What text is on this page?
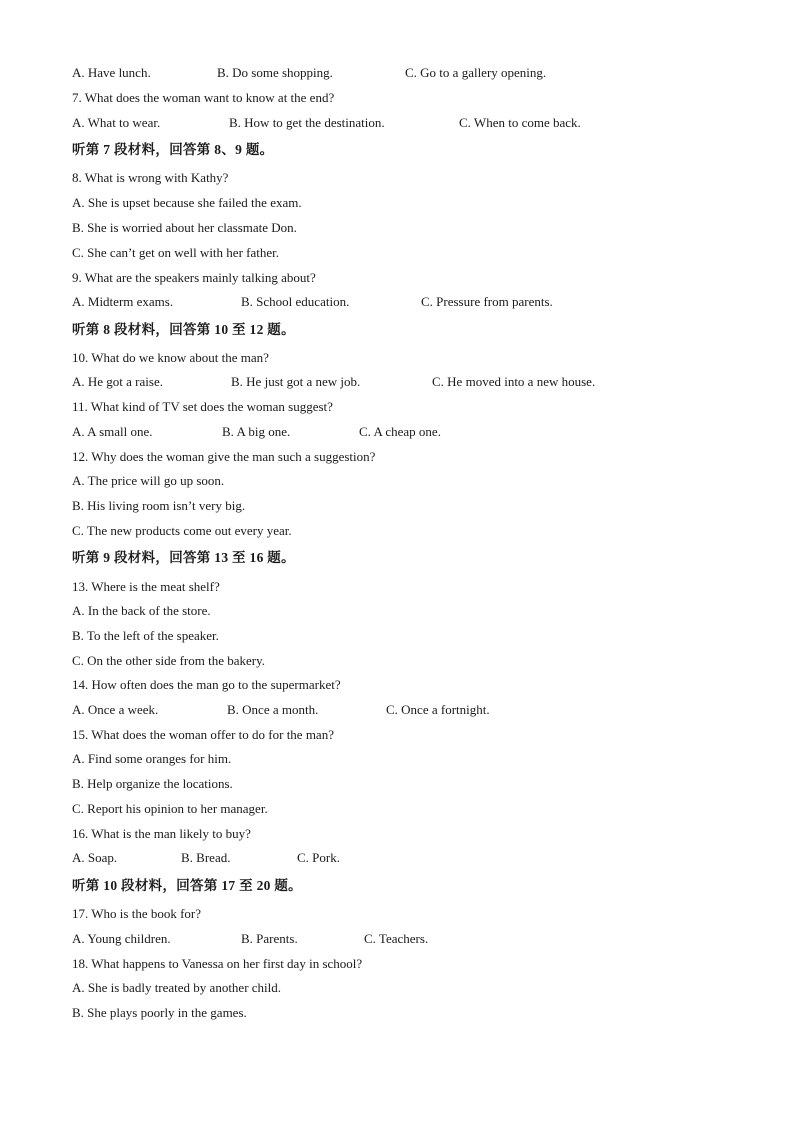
A. Have lunch.	B. Do some shopping.	C. Go to a gallery opening.
7. What does the woman want to know at the end?
A. What to wear.	B. How to get the destination.	C. When to come back.
听第 7 段材料，回答第 8、9 题。
8. What is wrong with Kathy?
A. She is upset because she failed the exam.
B. She is worried about her classmate Don.
C. She can’t get on well with her father.
9. What are the speakers mainly talking about?
A. Midterm exams.	B. School education.	C. Pressure from parents.
听第 8 段材料，回答第 10 至 12 题。
10. What do we know about the man?
A. He got a raise.	B. He just got a new job.	C. He moved into a new house.
11. What kind of TV set does the woman suggest?
A. A small one.	B. A big one.	C. A cheap one.
12. Why does the woman give the man such a suggestion?
A. The price will go up soon.
B. His living room isn’t very big.
C. The new products come out every year.
听第 9 段材料，回答第 13 至 16 题。
13. Where is the meat shelf?
A. In the back of the store.
B. To the left of the speaker.
C. On the other side from the bakery.
14. How often does the man go to the supermarket?
A. Once a week.	B. Once a month.	C. Once a fortnight.
15. What does the woman offer to do for the man?
A. Find some oranges for him.
B. Help organize the locations.
C. Report his opinion to her manager.
16. What is the man likely to buy?
A. Soap.	B. Bread.	C. Pork.
听第 10 段材料，回答第 17 至 20 题。
17. Who is the book for?
A. Young children.	B. Parents.	C. Teachers.
18. What happens to Vanessa on her first day in school?
A. She is badly treated by another child.
B. She plays poorly in the games.
